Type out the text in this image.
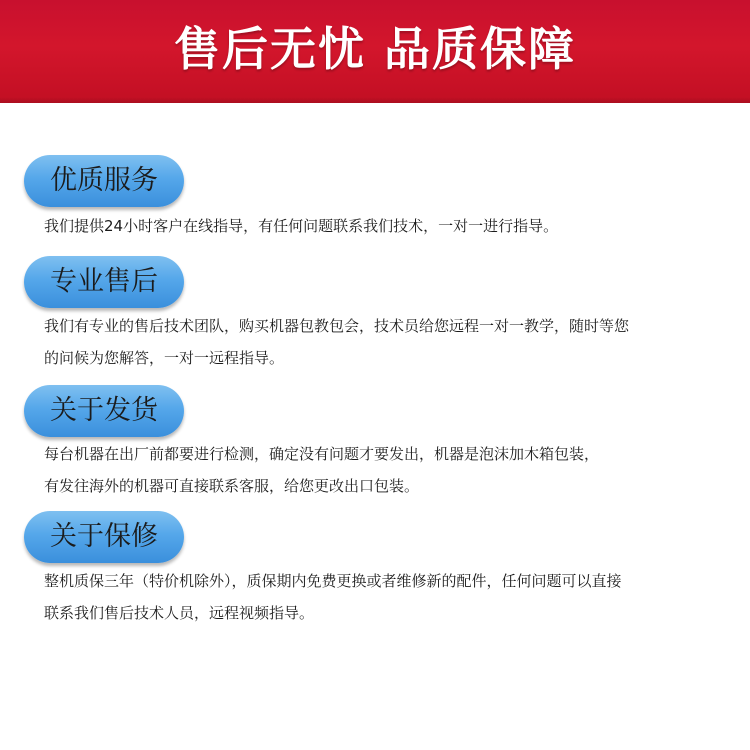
售后无忧 品质保障
优质服务
我们提供24小时客户在线指导，有任何问题联系我们技术，一对一进行指导。
专业售后
我们有专业的售后技术团队，购买机器包教包会，技术员给您远程一对一教学，随时等您
的问候为您解答，一对一远程指导。
关于发货
每台机器在出厂前都要进行检测，确定没有问题才要发出，机器是泡沫加木箱包装，
有发往海外的机器可直接联系客服，给您更改出口包装。
关于保修
整机质保三年（特价机除外），质保期内免费更换或者维修新的配件，任何问题可以直接
联系我们售后技术人员，远程视频指导。
